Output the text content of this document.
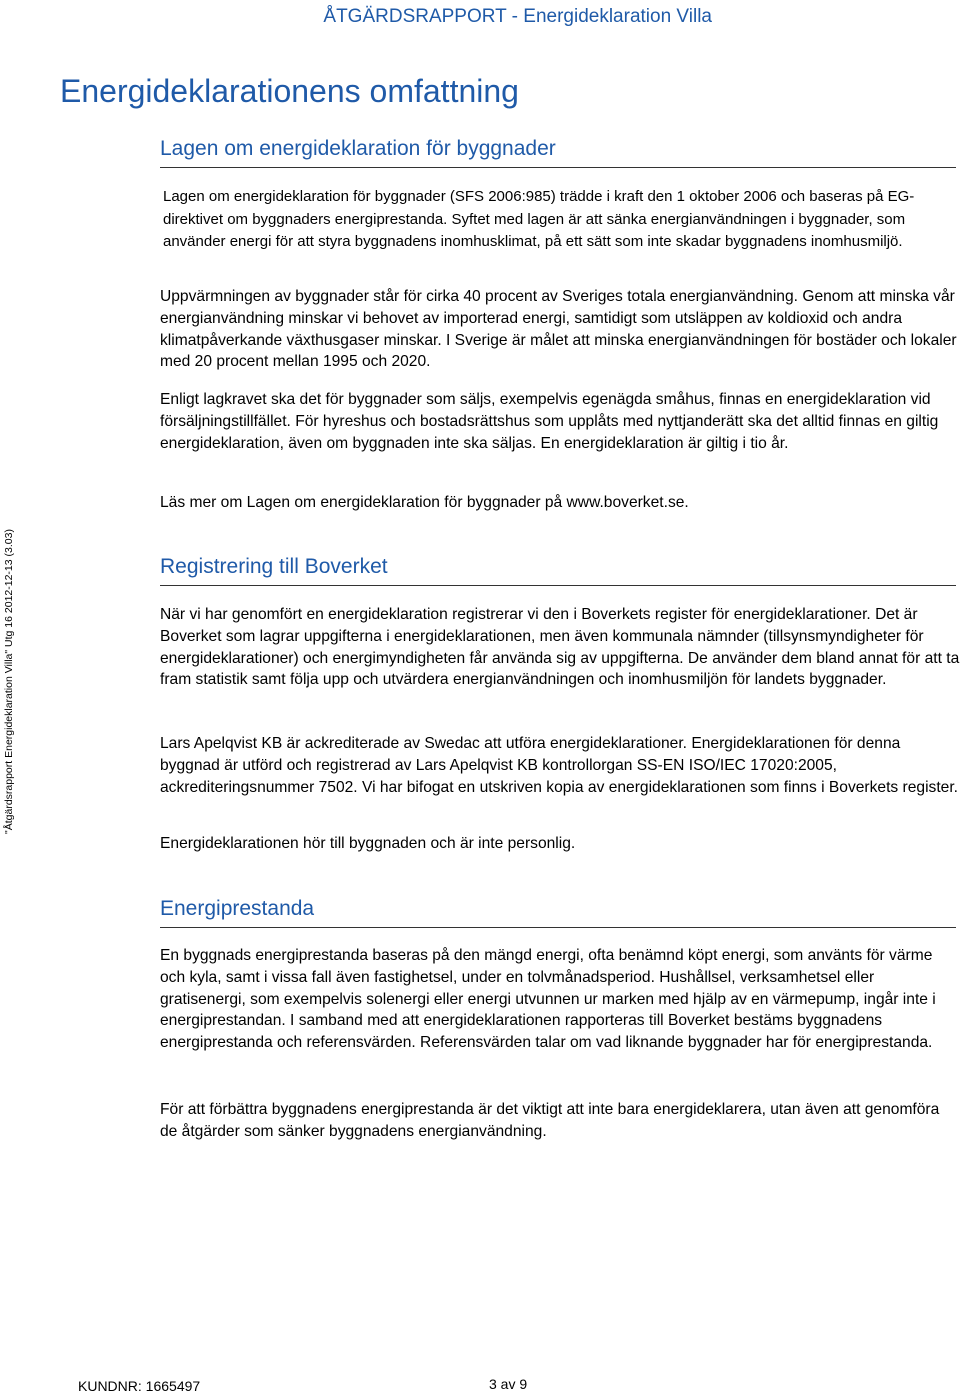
ÅTGÄRDSRAPPORT - Energideklaration Villa
Energideklarationens omfattning
Lagen om energideklaration för byggnader

Lagen om energideklaration för byggnader (SFS 2006:985) trädde i kraft den 1 oktober 2006 och baseras på EG-direktivet om byggnaders energiprestanda. Syftet med lagen är att sänka energianvändningen i byggnader, som använder energi för att styra byggnadens inomhusklimat, på ett sätt som inte skadar byggnadens inomhusmiljö.

Uppvärmningen av byggnader står för cirka 40 procent av Sveriges totala energianvändning. Genom att minska vår energianvändning minskar vi behovet av importerad energi, samtidigt som utsläppen av koldioxid och andra klimatpåverkande växthusgaser minskar. I Sverige är målet att minska energianvändningen för bostäder och lokaler med 20 procent mellan 1995 och 2020.

Enligt lagkravet ska det för byggnader som säljs, exempelvis egenägda småhus, finnas en energideklaration vid försäljningstillfället. För hyreshus och bostadsrättshus som upplåts med nyttjanderätt ska det alltid finnas en giltig energideklaration, även om byggnaden inte ska säljas. En energideklaration är giltig i tio år.

Läs mer om Lagen om energideklaration för byggnader på www.boverket.se.

Registrering till Boverket

När vi har genomfört en energideklaration registrerar vi den i Boverkets register för energideklarationer. Det är Boverket som lagrar uppgifterna i energideklarationen, men även kommunala nämnder (tillsynsmyndigheter för energideklarationer) och energimyndigheten får använda sig av uppgifterna. De använder dem bland annat för att ta fram statistik samt följa upp och utvärdera energianvändningen och inomhusmiljön för landets byggnader.

Lars Apelqvist KB är ackrediterade av Swedac att utföra energideklarationer. Energideklarationen för denna byggnad är utförd och registrerad av Lars Apelqvist KB kontrollorgan SS-EN ISO/IEC 17020:2005, ackrediteringsnummer 7502. Vi har bifogat en utskriven kopia av energideklarationen som finns i Boverkets register.

Energideklarationen hör till byggnaden och är inte personlig.

Energiprestanda

En byggnads energiprestanda baseras på den mängd energi, ofta benämnd köpt energi, som använts för värme och kyla, samt i vissa fall även fastighetsel, under en tolvmånadsperiod. Hushållsel, verksamhetsel eller gratisenergi, som exempelvis solenergi eller energi utvunnen ur marken med hjälp av en värmepump, ingår inte i energiprestandan. I samband med att energideklarationen rapporteras till Boverket bestäms byggnadens energiprestanda och referensvärden. Referensvärden talar om vad liknande byggnader har för energiprestanda.

För att förbättra byggnadens energiprestanda är det viktigt att inte bara energideklarera, utan även att genomföra de åtgärder som sänker byggnadens energianvändning.

"Åtgärdsrapport Energideklaration Villa" Utg 16 2012-12-13 (3.03)
KUNDNR: 1665497	3 av 9
